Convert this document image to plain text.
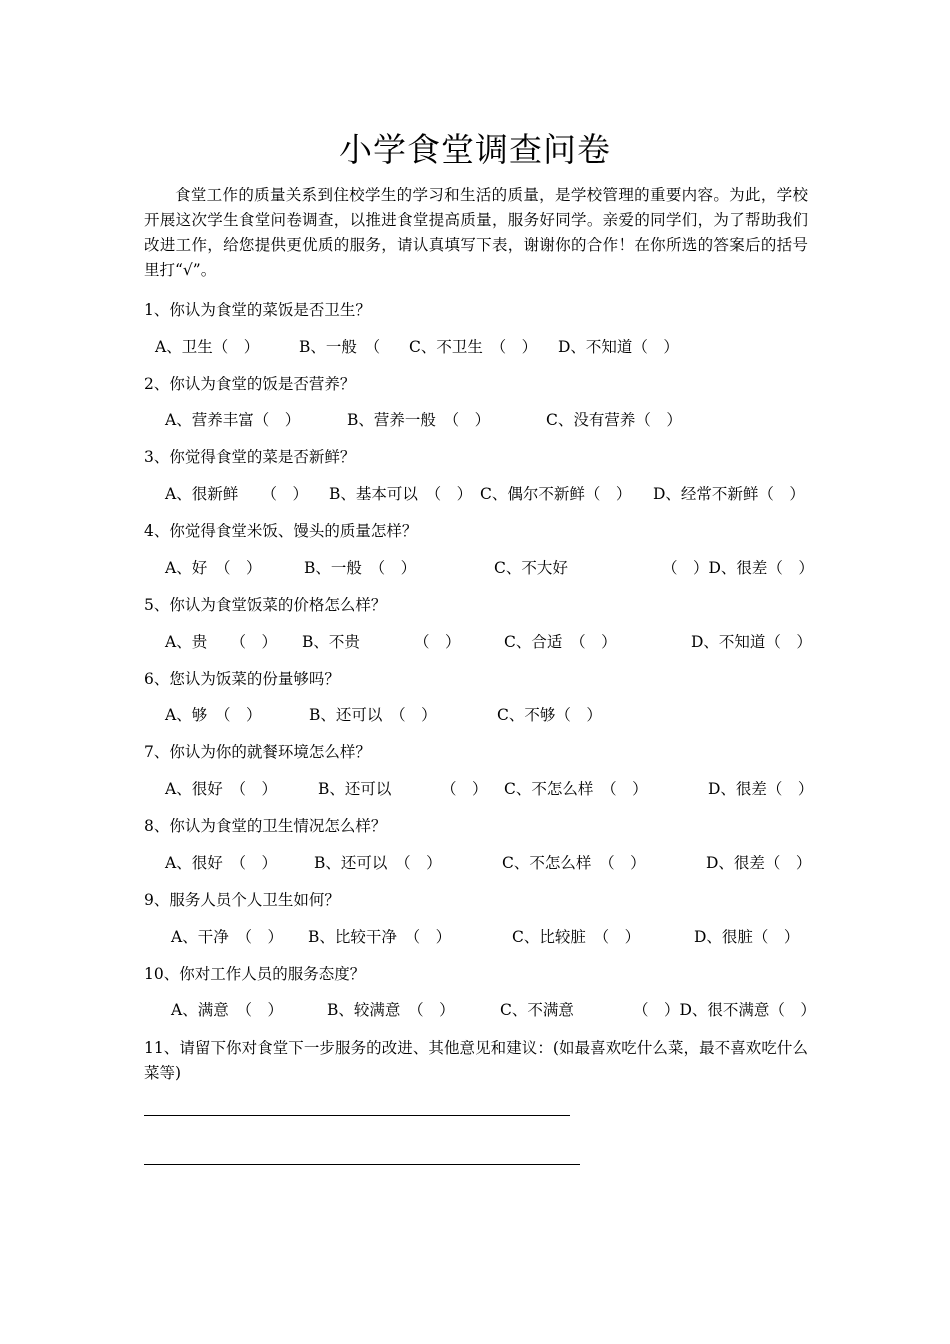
小学食堂调查问卷

食堂工作的质量关系到住校学生的学习和生活的质量，是学校管理的重要内容。为此，学校开展这次学生食堂问卷调查，以推进食堂提高质量，服务好同学。亲爱的同学们，为了帮助我们改进工作，给您提供更优质的服务，请认真填写下表，谢谢你的合作！在你所选的答案后的括号里打“√”。

1、你认为食堂的菜饭是否卫生？
A、卫生（　）	B、一般　（ C、不卫生　（　） D、不知道（　）
2、你认为食堂的饭是否营养？
A、营养丰富（　）	B、营养一般　（　）	C、没有营养（　）
3、你觉得食堂的菜是否新鲜？
A、很新鲜　　（　） B、基本可以　（　） C、偶尔不新鲜（　） D、经常不新鲜（　）
4、你觉得食堂米饭、馒头的质量怎样？
A、好　（　）	B、一般　（　）	C、不大好	（　）D、很差（　）
5、你认为食堂饭菜的价格怎么样？
A、贵　　（　） B、不贵	（　）	C、合适　（　）	D、不知道（　）
6、您认为饭菜的份量够吗？
A、够　（　）	B、还可以　（　）	C、不够（　）
7、你认为你的就餐环境怎么样？
A、很好　（　）	B、还可以	（　） C、不怎么样　（　）	D、很差（　）
8、你认为食堂的卫生情况怎么样？
A、很好　（　） B、还可以　（　）	C、不怎么样　（　）	D、很差（　）
9、服务人员个人卫生如何？
A、干净　（　） B、比较干净　（　）	C、比较脏　（　）	D、很脏（　）
10、你对工作人员的服务态度？
A、满意　（　）	B、较满意　（　）	C、不满意	（　）D、很不满意（　）

11、请留下你对食堂下一步服务的改进、其他意见和建议：(如最喜欢吃什么菜，最不喜欢吃什么菜等)
